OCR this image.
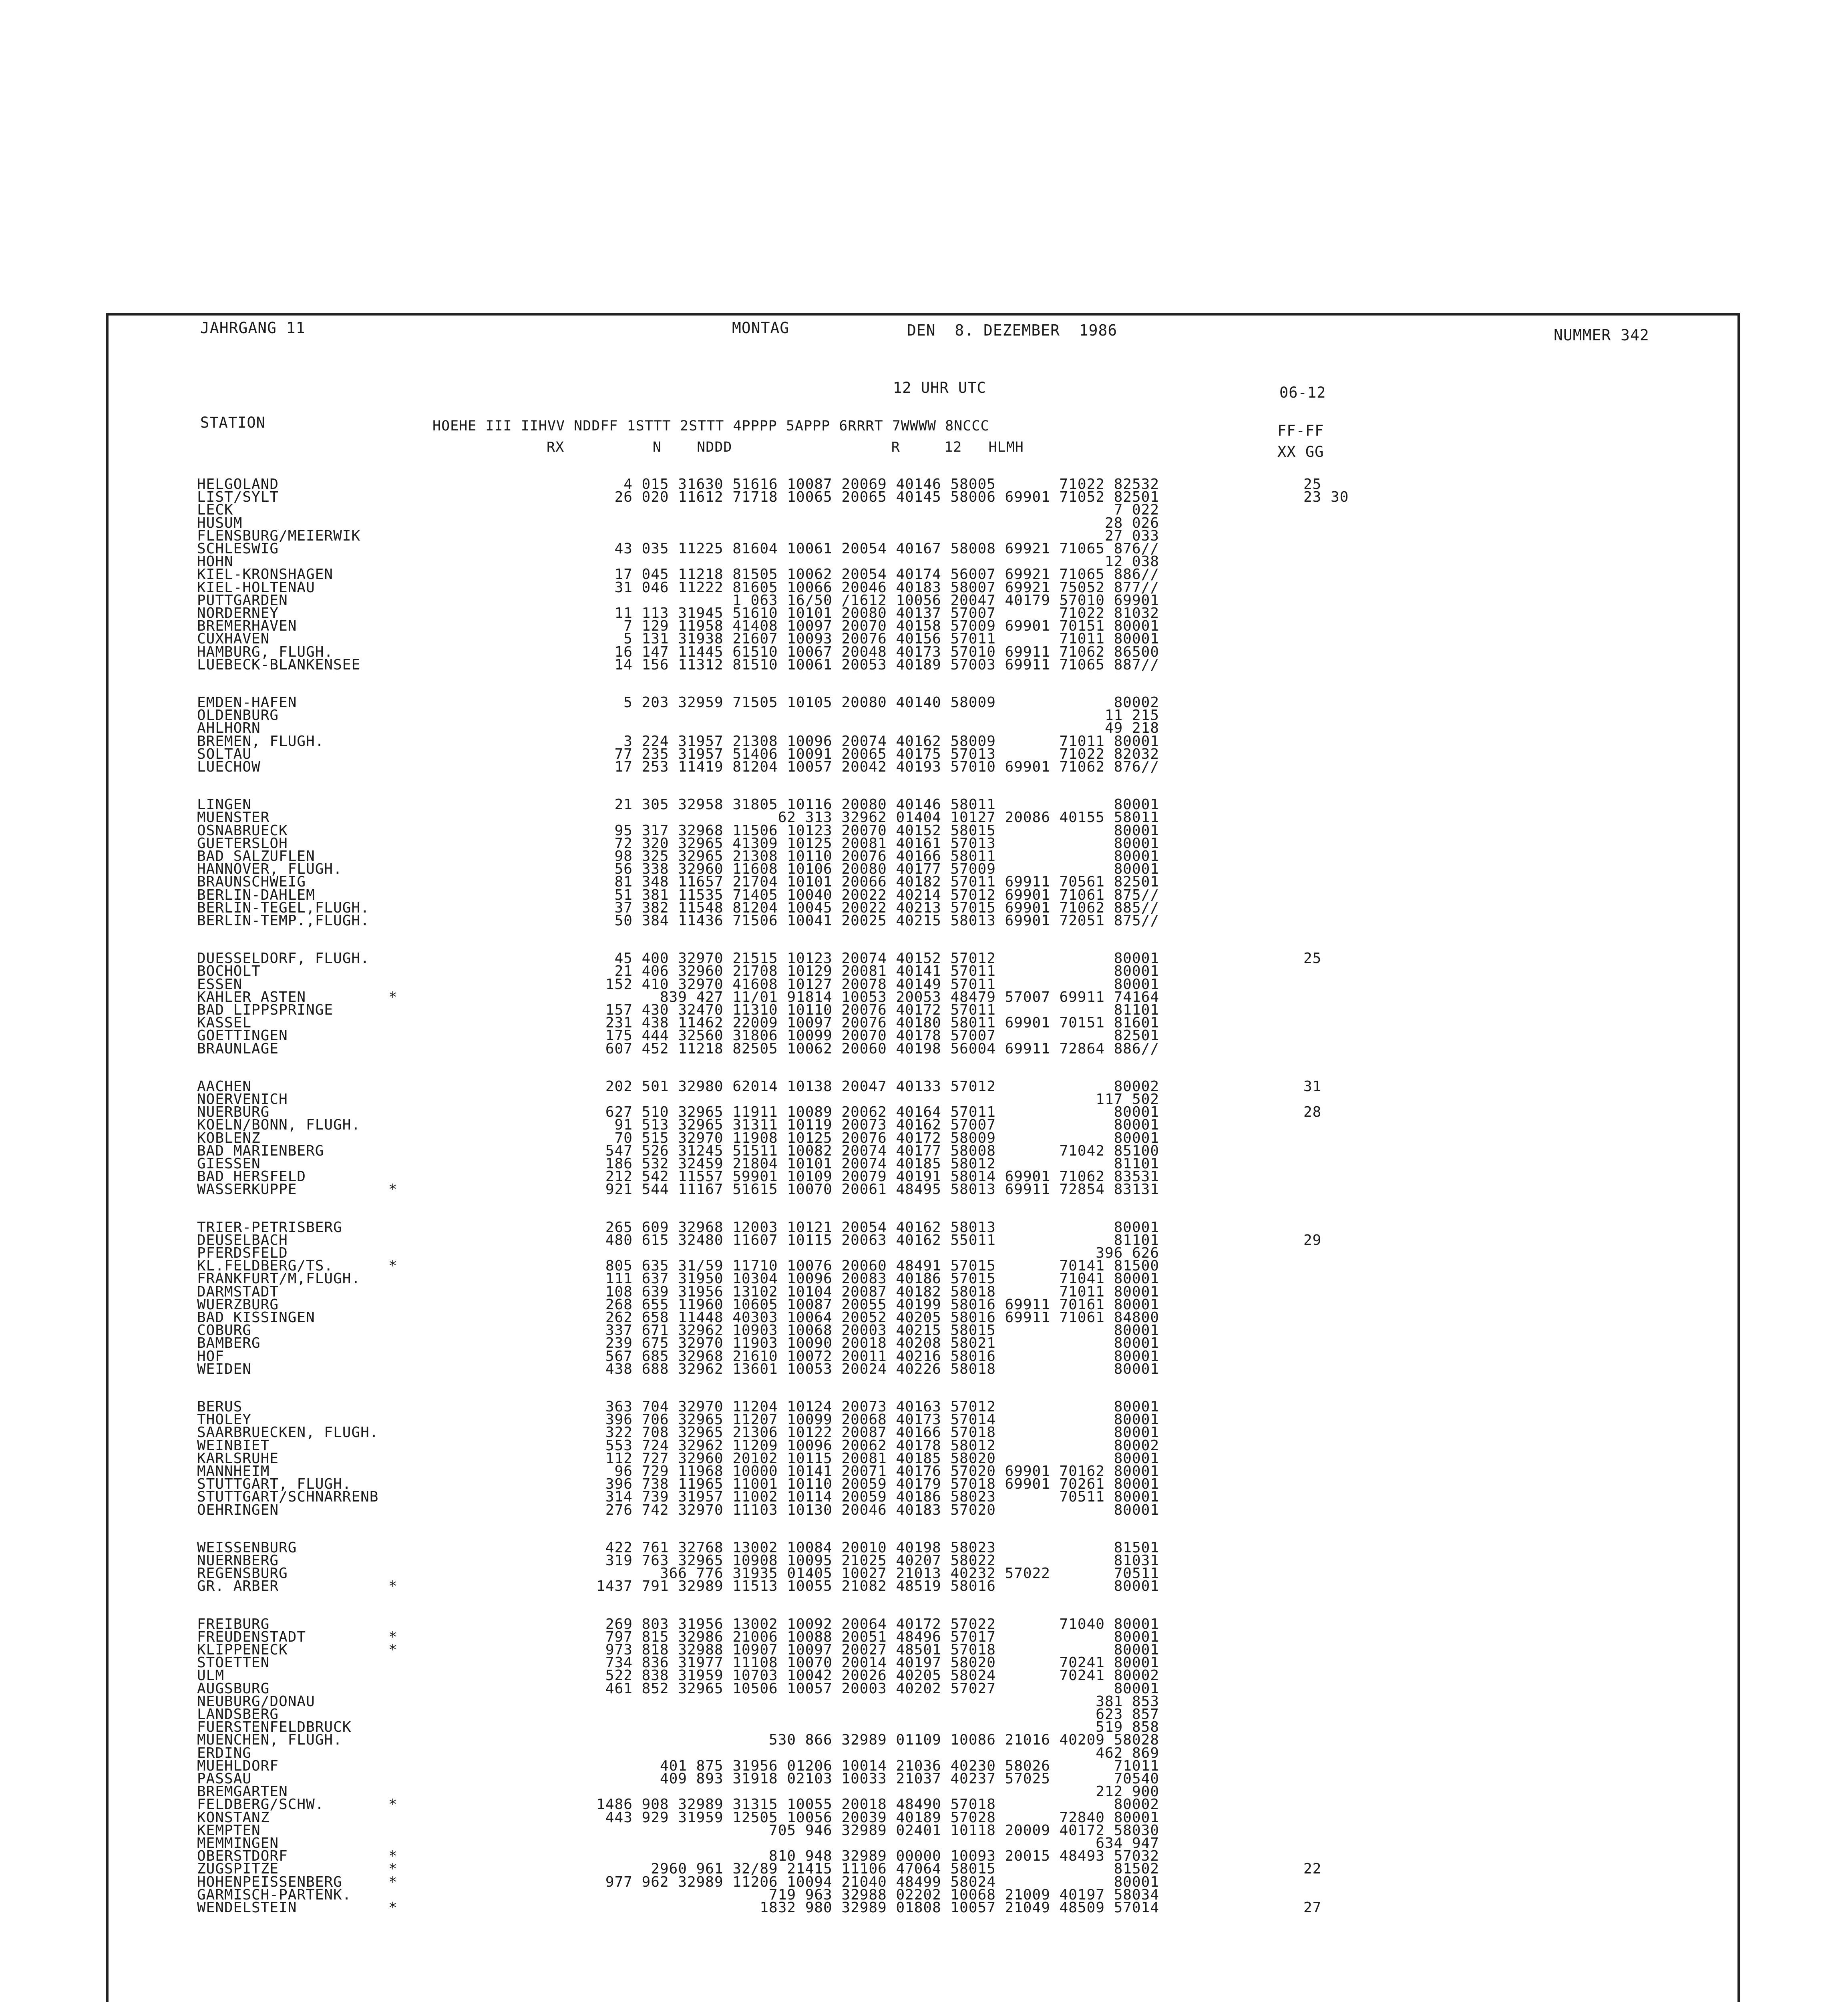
JAHRGANG 11	MONTAG	DEN  8. DEZEMBER  1986	NUMMER 342
12 UHR UTC	06-12
STATION	HOEHE III IIHVV NDDFF 1STTT 2STTT 4PPPP 5APPP 6RRRT 7WWWW 8NCCC
RX          N    NDDD                  R     12   HLMH
FF-FF
XX GG
HELGOLAND	4 015 31630 51616 10087 20069 40146 58005       71022 82532	25
LIST/SYLT	26 020 11612 71718 10065 20065 40145 58006 69901 71052 82501	23 30
LECK	7 022
HUSUM	28 026
FLENSBURG/MEIERWIK	27 033
SCHLESWIG	43 035 11225 81604 10061 20054 40167 58008 69921 71065 876//
HOHN	12 038
KIEL-KRONSHAGEN	17 045 11218 81505 10062 20054 40174 56007 69921 71065 886//
KIEL-HOLTENAU	31 046 11222 81605 10066 20046 40183 58007 69921 75052 877//
PUTTGARDEN	1 063 16/50 /1612 10056 20047 40179 57010 69901
NORDERNEY	11 113 31945 51610 10101 20080 40137 57007       71022 81032
BREMERHAVEN	7 129 11958 41408 10097 20070 40158 57009 69901 70151 80001
CUXHAVEN	5 131 31938 21607 10093 20076 40156 57011       71011 80001
HAMBURG, FLUGH.	16 147 11445 61510 10067 20048 40173 57010 69911 71062 86500
LUEBECK-BLANKENSEE	14 156 11312 81510 10061 20053 40189 57003 69911 71065 887//
EMDEN-HAFEN	5 203 32959 71505 10105 20080 40140 58009             80002
OLDENBURG	11 215
AHLHORN	49 218
BREMEN, FLUGH.	3 224 31957 21308 10096 20074 40162 58009       71011 80001
SOLTAU	77 235 31957 51406 10091 20065 40175 57013       71022 82032
LUECHOW	17 253 11419 81204 10057 20042 40193 57010 69901 71062 876//
LINGEN	21 305 32958 31805 10116 20080 40146 58011             80001
MUENSTER	62 313 32962 01404 10127 20086 40155 58011
OSNABRUECK	95 317 32968 11506 10123 20070 40152 58015             80001
GUETERSLOH	72 320 32965 41309 10125 20081 40161 57013             80001
BAD SALZUFLEN	98 325 32965 21308 10110 20076 40166 58011             80001
HANNOVER, FLUGH.	56 338 32960 11608 10106 20080 40177 57009             80001
BRAUNSCHWEIG	81 348 11657 21704 10101 20066 40182 57011 69911 70561 82501
BERLIN-DAHLEM	51 381 11535 71405 10040 20022 40214 57012 69901 71061 875//
BERLIN-TEGEL,FLUGH.	37 382 11548 81204 10045 20022 40213 57015 69901 71062 885//
BERLIN-TEMP.,FLUGH.	50 384 11436 71506 10041 20025 40215 58013 69901 72051 875//
DUESSELDORF, FLUGH.	45 400 32970 21515 10123 20074 40152 57012             80001	25
BOCHOLT	21 406 32960 21708 10129 20081 40141 57011             80001
ESSEN	152 410 32970 41608 10127 20078 40149 57011             80001
KAHLER ASTEN	*	839 427 11/01 91814 10053 20053 48479 57007 69911 74164
BAD LIPPSPRINGE	157 430 32470 11310 10110 20076 40172 57011             81101
KASSEL	231 438 11462 22009 10097 20076 40180 58011 69901 70151 81601
GOETTINGEN	175 444 32560 31806 10099 20070 40178 57007             82501
BRAUNLAGE	607 452 11218 82505 10062 20060 40198 56004 69911 72864 886//
AACHEN	202 501 32980 62014 10138 20047 40133 57012             80002	31
NOERVENICH	117 502
NUERBURG	627 510 32965 11911 10089 20062 40164 57011             80001	28
KOELN/BONN, FLUGH.	91 513 32965 31311 10119 20073 40162 57007             80001
KOBLENZ	70 515 32970 11908 10125 20076 40172 58009             80001
BAD MARIENBERG	547 526 31245 51511 10082 20074 40177 58008       71042 85100
GIESSEN	186 532 32459 21804 10101 20074 40185 58012             81101
BAD HERSFELD	212 542 11557 59901 10109 20079 40191 58014 69901 71062 83531
WASSERKUPPE	*	921 544 11167 51615 10070 20061 48495 58013 69911 72854 83131
TRIER-PETRISBERG	265 609 32968 12003 10121 20054 40162 58013             80001
DEUSELBACH	480 615 32480 11607 10115 20063 40162 55011             81101	29
PFERDSFELD	396 626
KL.FELDBERG/TS.	*	805 635 31/59 11710 10076 20060 48491 57015       70141 81500
FRANKFURT/M,FLUGH.	111 637 31950 10304 10096 20083 40186 57015       71041 80001
DARMSTADT	108 639 31956 13102 10104 20087 40182 58018       71011 80001
WUERZBURG	268 655 11960 10605 10087 20055 40199 58016 69911 70161 80001
BAD KISSINGEN	262 658 11448 40303 10064 20052 40205 58016 69911 71061 84800
COBURG	337 671 32962 10903 10068 20003 40215 58015             80001
BAMBERG	239 675 32970 11903 10090 20018 40208 58021             80001
HOF	567 685 32968 21610 10072 20011 40216 58016             80001
WEIDEN	438 688 32962 13601 10053 20024 40226 58018             80001
BERUS	363 704 32970 11204 10124 20073 40163 57012             80001
THOLEY	396 706 32965 11207 10099 20068 40173 57014             80001
SAARBRUECKEN, FLUGH.	322 708 32965 21306 10122 20087 40166 57018             80001
WEINBIET	553 724 32962 11209 10096 20062 40178 58012             80002
KARLSRUHE	112 727 32960 20102 10115 20081 40185 58020             80001
MANNHEIM	96 729 11968 10000 10141 20071 40176 57020 69901 70162 80001
STUTTGART, FLUGH.	396 738 11965 11001 10110 20059 40179 57018 69901 70261 80001
STUTTGART/SCHNARRENB	314 739 31957 11002 10114 20059 40186 58023       70511 80001
OEHRINGEN	276 742 32970 11103 10130 20046 40183 57020             80001
WEISSENBURG	422 761 32768 13002 10084 20010 40198 58023             81501
NUERNBERG	319 763 32965 10908 10095 21025 40207 58022             81031
REGENSBURG	366 776 31935 01405 10027 21013 40232 57022       70511
GR. ARBER	*	1437 791 32989 11513 10055 21082 48519 58016             80001
FREIBURG	269 803 31956 13002 10092 20064 40172 57022       71040 80001
FREUDENSTADT	*	797 815 32986 21006 10088 20051 48496 57017             80001
KLIPPENECK	*	973 818 32988 10907 10097 20027 48501 57018             80001
STOETTEN	734 836 31977 11108 10070 20014 40197 58020       70241 80001
ULM	522 838 31959 10703 10042 20026 40205 58024       70241 80002
AUGSBURG	461 852 32965 10506 10057 20003 40202 57027             80001
NEUBURG/DONAU	381 853
LANDSBERG	623 857
FUERSTENFELDBRUCK	519 858
MUENCHEN, FLUGH.	530 866 32989 01109 10086 21016 40209 58028
ERDING	462 869
MUEHLDORF	401 875 31956 01206 10014 21036 40230 58026       71011
PASSAU	409 893 31918 02103 10033 21037 40237 57025       70540
BREMGARTEN	212 900
FELDBERG/SCHW.	*	1486 908 32989 31315 10055 20018 48490 57018             80002
KONSTANZ	443 929 31959 12505 10056 20039 40189 57028       72840 80001
KEMPTEN	705 946 32989 02401 10118 20009 40172 58030
MEMMINGEN	634 947
OBERSTDORF	*	810 948 32989 00000 10093 20015 48493 57032
ZUGSPITZE	*	2960 961 32/89 21415 11106 47064 58015             81502	22
HOHENPEISSENBERG	*	977 962 32989 11206 10094 21040 48499 58024             80001
GARMISCH-PARTENK.	719 963 32988 02202 10068 21009 40197 58034
WENDELSTEIN	*	1832 980 32989 01808 10057 21049 48509 57014	27
